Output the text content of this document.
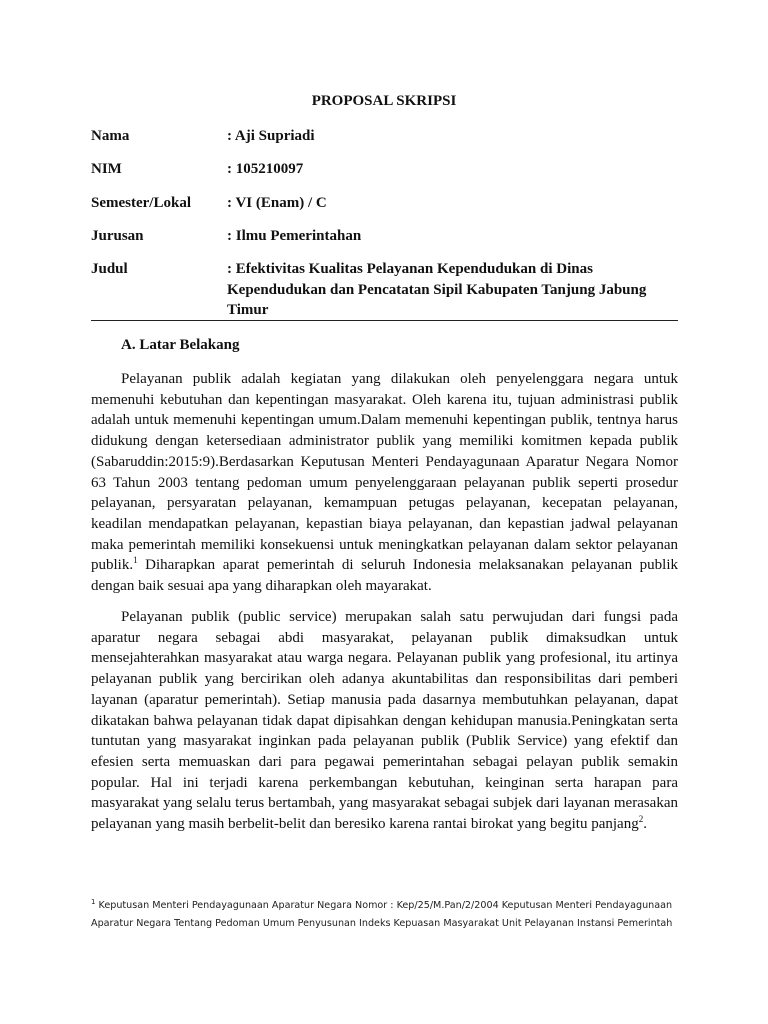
PROPOSAL SKRIPSI
Nama	: Aji Supriadi
NIM	: 105210097
Semester/Lokal : VI (Enam) / C
Jurusan	: Ilmu Pemerintahan
Judul	: Efektivitas Kualitas Pelayanan Kependudukan di Dinas Kependudukan dan Pencatatan Sipil Kabupaten Tanjung Jabung Timur
A. Latar Belakang

Pelayanan publik adalah kegiatan yang dilakukan oleh penyelenggara negara untuk memenuhi kebutuhan dan kepentingan masyarakat. Oleh karena itu, tujuan administrasi publik adalah untuk memenuhi kepentingan umum.Dalam memenuhi kepentingan publik, tentnya harus didukung dengan ketersediaan administrator publik yang memiliki komitmen kepada publik (Sabaruddin:2015:9).Berdasarkan Keputusan Menteri Pendayagunaan Aparatur Negara Nomor 63 Tahun 2003 tentang pedoman umum penyelenggaraan pelayanan publik seperti prosedur pelayanan, persyaratan pelayanan, kemampuan petugas pelayanan, kecepatan pelayanan, keadilan mendapatkan pelayanan, kepastian biaya pelayanan, dan kepastian jadwal pelayanan maka pemerintah memiliki konsekuensi untuk meningkatkan pelayanan dalam sektor pelayanan publik.$^1$ Diharapkan aparat pemerintah di seluruh Indonesia melaksanakan pelayanan publik dengan baik sesuai apa yang diharapkan oleh mayarakat.

Pelayanan publik (public service) merupakan salah satu perwujudan dari fungsi pada aparatur negara sebagai abdi masyarakat, pelayanan publik dimaksudkan untuk mensejahterahkan masyarakat atau warga negara. Pelayanan publik yang profesional, itu artinya pelayanan publik yang bercirikan oleh adanya akuntabilitas dan responsibilitas dari pemberi layanan (aparatur pemerintah). Setiap manusia pada dasarnya membutuhkan pelayanan, dapat dikatakan bahwa pelayanan tidak dapat dipisahkan dengan kehidupan manusia.Peningkatan serta tuntutan yang masyarakat inginkan pada pelayanan publik (Publik Service) yang efektif dan efesien serta memuaskan dari para pegawai pemerintahan sebagai pelayan publik semakin popular. Hal ini terjadi karena perkembangan kebutuhan, keinginan serta harapan para masyarakat yang selalu terus bertambah, yang masyarakat sebagai subjek dari layanan merasakan pelayanan yang masih berbelit-belit dan beresiko karena rantai birokat yang begitu panjang$^2$.

$^1$ Keputusan Menteri Pendayagunaan Aparatur Negara Nomor : Kep/25/M.Pan/2/2004 Keputusan Menteri Pendayagunaan Aparatur Negara Tentang Pedoman Umum Penyusunan Indeks Kepuasan Masyarakat Unit Pelayanan Instansi Pemerintah
